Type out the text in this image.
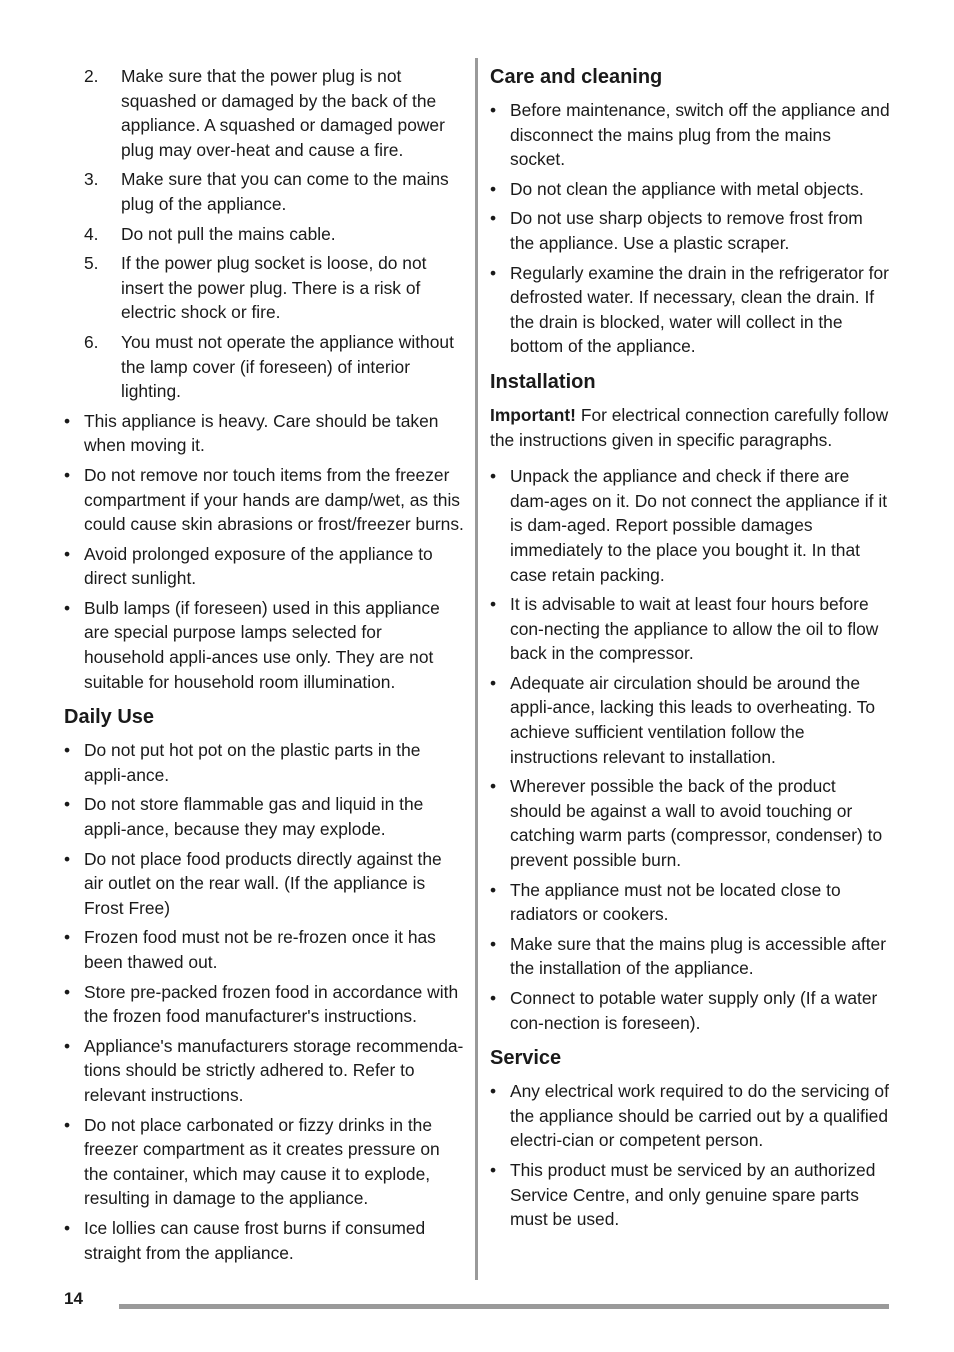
2. Make sure that the power plug is not squashed or damaged by the back of the appliance. A squashed or damaged power plug may over-heat and cause a fire.
3. Make sure that you can come to the mains plug of the appliance.
4. Do not pull the mains cable.
5. If the power plug socket is loose, do not insert the power plug. There is a risk of electric shock or fire.
6. You must not operate the appliance without the lamp cover (if foreseen) of interior lighting.
• This appliance is heavy. Care should be taken when moving it.
• Do not remove nor touch items from the freezer compartment if your hands are damp/wet, as this could cause skin abrasions or frost/freezer burns.
• Avoid prolonged exposure of the appliance to direct sunlight.
• Bulb lamps (if foreseen) used in this appliance are special purpose lamps selected for household appli-ances use only. They are not suitable for household room illumination.
Daily Use
• Do not put hot pot on the plastic parts in the appli-ance.
• Do not store flammable gas and liquid in the appli-ance, because they may explode.
• Do not place food products directly against the air outlet on the rear wall. (If the appliance is Frost Free)
• Frozen food must not be re-frozen once it has been thawed out.
• Store pre-packed frozen food in accordance with the frozen food manufacturer's instructions.
• Appliance's manufacturers storage recommenda-tions should be strictly adhered to. Refer to relevant instructions.
• Do not place carbonated or fizzy drinks in the freezer compartment as it creates pressure on the container, which may cause it to explode, resulting in damage to the appliance.
• Ice lollies can cause frost burns if consumed straight from the appliance.
Care and cleaning
• Before maintenance, switch off the appliance and disconnect the mains plug from the mains socket.
• Do not clean the appliance with metal objects.
• Do not use sharp objects to remove frost from the appliance. Use a plastic scraper.
• Regularly examine the drain in the refrigerator for defrosted water. If necessary, clean the drain. If the drain is blocked, water will collect in the bottom of the appliance.
Installation

Important! For electrical connection carefully follow the instructions given in specific paragraphs.

• Unpack the appliance and check if there are dam-ages on it. Do not connect the appliance if it is dam-aged. Report possible damages immediately to the place you bought it. In that case retain packing.
• It is advisable to wait at least four hours before con-necting the appliance to allow the oil to flow back in the compressor.
• Adequate air circulation should be around the appli-ance, lacking this leads to overheating. To achieve sufficient ventilation follow the instructions relevant to installation.
• Wherever possible the back of the product should be against a wall to avoid touching or catching warm parts (compressor, condenser) to prevent possible burn.
• The appliance must not be located close to radiators or cookers.
• Make sure that the mains plug is accessible after the installation of the appliance.
• Connect to potable water supply only (If a water con-nection is foreseen).
Service
• Any electrical work required to do the servicing of the appliance should be carried out by a qualified electri-cian or competent person.
• This product must be serviced by an authorized Service Centre, and only genuine spare parts must be used.
14
